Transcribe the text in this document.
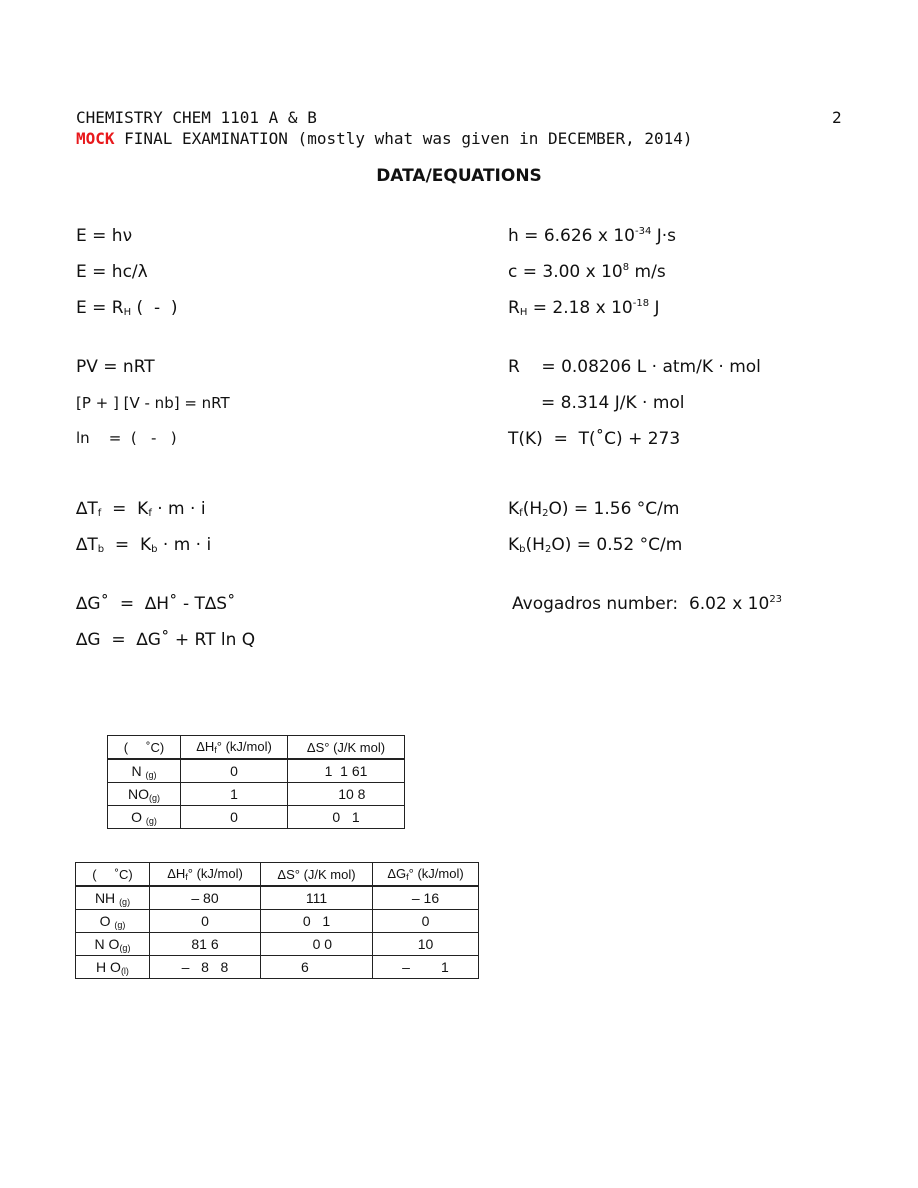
CHEMISTRY CHEM 1101 A & B	2
MOCK FINAL EXAMINATION (mostly what was given in DECEMBER, 2014)
DATA/EQUATIONS
E = hν
E = hc/λ
$E = R_H$ (  -  )
PV = nRT
[P + ] [V - nb] = nRT
ln    =  (   -   )
$\Delta T_f = K_f \cdot m \cdot i$
$\Delta T_b = K_b \cdot m \cdot i$
∆G˚  =  ∆H˚ - T∆S˚
∆G  =  ∆G˚ + RT ln Q
h = 6.626 x $10^{-34}$ J·s
c = 3.00 x $10^8$ m/s
$R_H = 2.18$ x $10^{-18}$ J
R    = 0.08206 L · atm/K · mol
= 8.314 J/K · mol
T(K)  =  T(˚C) + 273
$K_f(H_2O) = 1.56$ °C/m
$K_b(H_2O) = 0.52$ °C/m
Avogadros number:  6.02 x $10^{23}$
(     ˚C)	ΔHf° (kJ/mol)	ΔS° (J/K mol)
N (g)	0	1  1 61
NO(g)	1	10 8
O (g)	0	0   1
(     ˚C)	ΔHf° (kJ/mol)	ΔS° (J/K mol)	ΔGf° (kJ/mol)
NH (g)	– 80	111	– 16
O (g)	0	0   1	0
N O(g)	81 6	0 0	10
H O(l)	–   8   8	6	–        1
